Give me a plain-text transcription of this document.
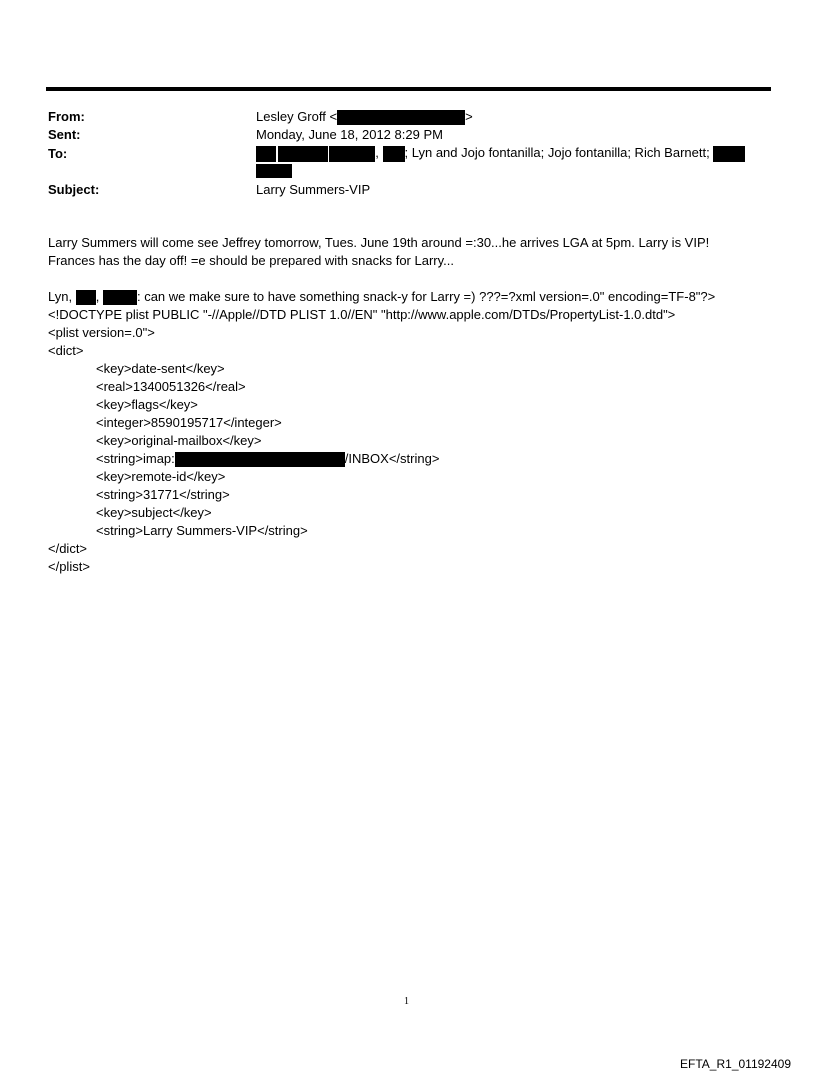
From:	Lesley Groff <	>
Sent:	Monday, June 18, 2012 8:29 PM
To:	, ; Lyn and Jojo fontanilla; Jojo fontanilla; Rich Barnett;
Subject:	Larry Summers-VIP
Larry Summers will come see Jeffrey tomorrow, Tues. June 19th around =:30...he arrives LGA at 5pm. Larry is VIP!
Frances has the day off! =e should be prepared with snacks for Larry...
Lyn, ,	: can we make sure to have something snack-y for Larry =) ???=?xml version=.0" encoding=TF-8"?>
<!DOCTYPE plist PUBLIC "-//Apple//DTD PLIST 1.0//EN" "http://www.apple.com/DTDs/PropertyList-1.0.dtd">
<plist version=.0">
<dict>
<key>date-sent</key>
<real>1340051326</real>
<key>flags</key>
<integer>8590195717</integer>
<key>original-mailbox</key>
<string>imap:	/INBOX</string>
<key>remote-id</key>
<string>31771</string>
<key>subject</key>
<string>Larry Summers-VIP</string>
</dict>
</plist>
1
EFTA_R1_01192409
